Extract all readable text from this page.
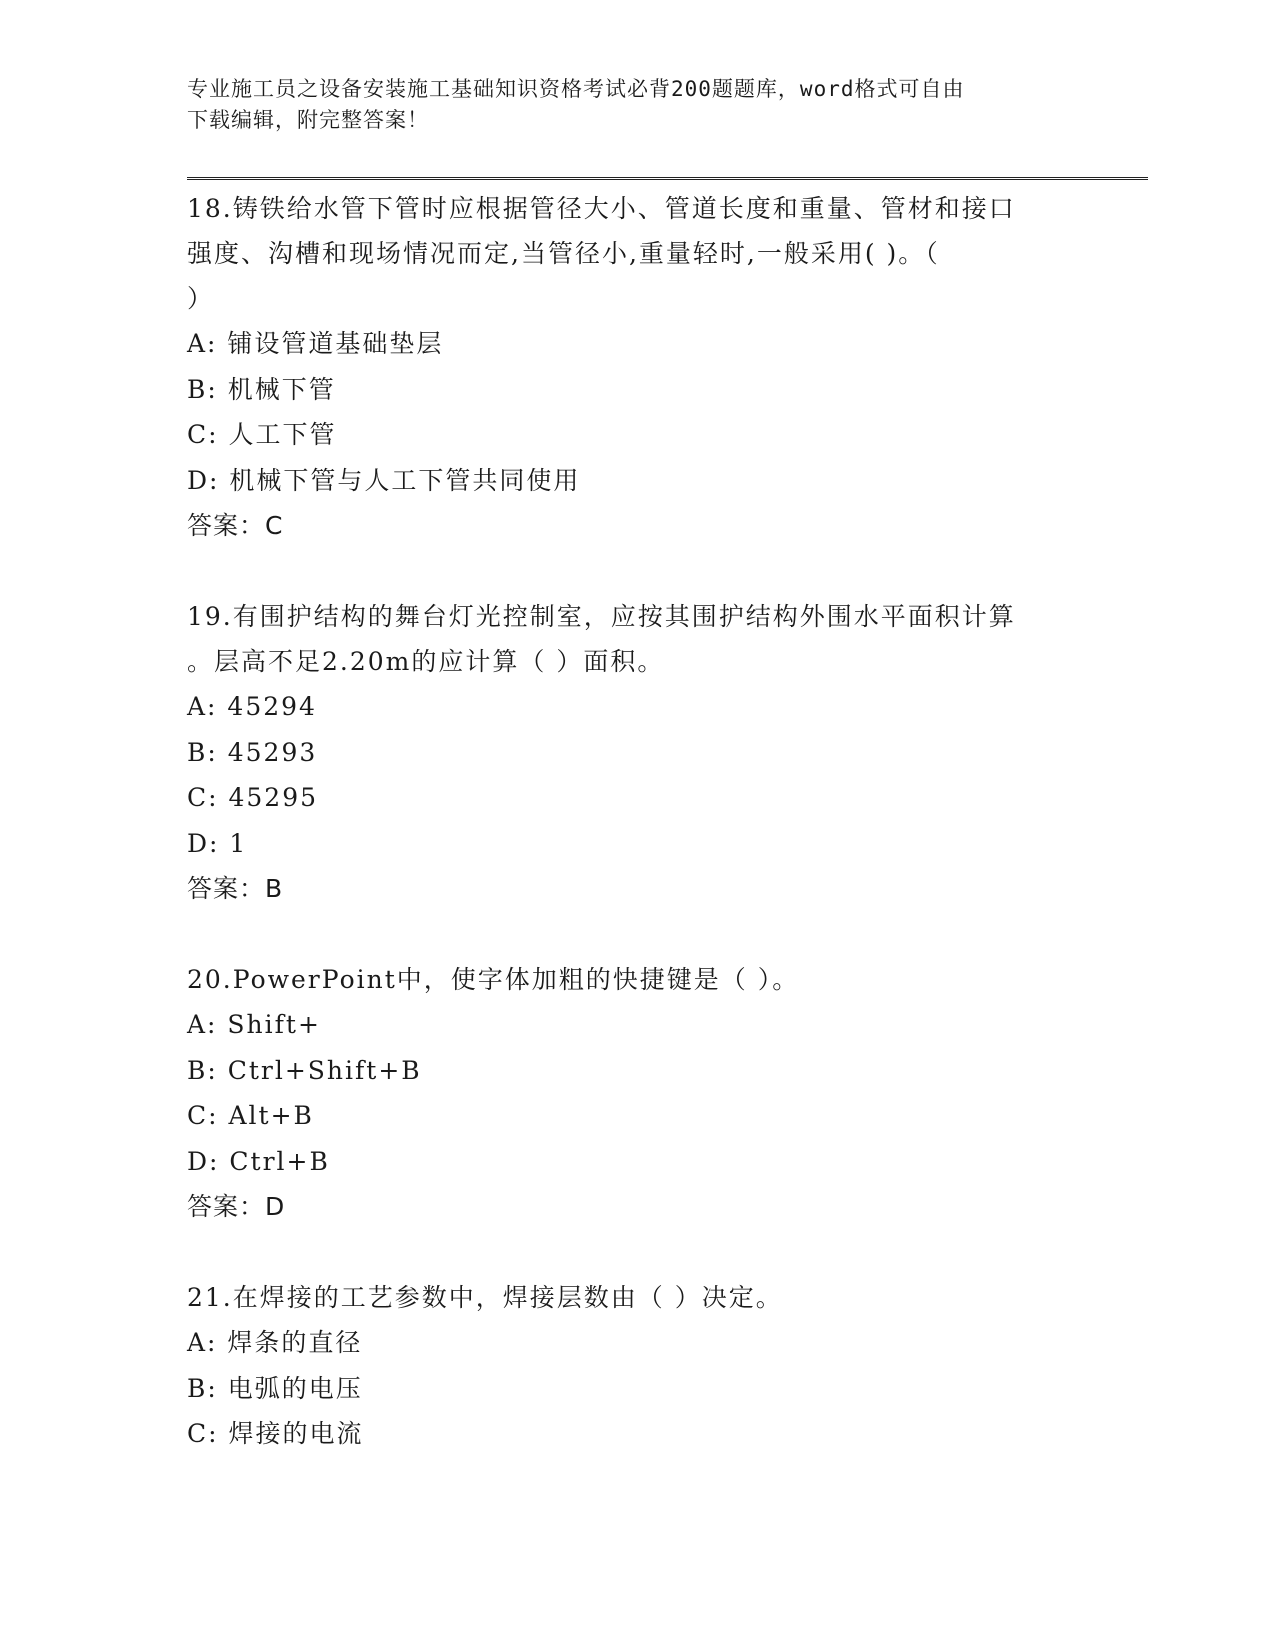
专业施工员之设备安装施工基础知识资格考试必背200题题库，word格式可自由
下载编辑，附完整答案！
18.铸铁给水管下管时应根据管径大小、管道长度和重量、管材和接口
强度、沟槽和现场情况而定,当管径小,重量轻时,一般采用( )。（
）
A: 铺设管道基础垫层
B: 机械下管
C: 人工下管
D: 机械下管与人工下管共同使用
答案：C
19.有围护结构的舞台灯光控制室，应按其围护结构外围水平面积计算
。层高不足2.20m的应计算（ ）面积。
A: 45294
B: 45293
C: 45295
D: 1
答案：B
20.PowerPoint中，使字体加粗的快捷键是（ ）。
A: Shift+
B: Ctrl+Shift+B
C: Alt+B
D: Ctrl+B
答案：D
21.在焊接的工艺参数中，焊接层数由（ ）决定。
A: 焊条的直径
B: 电弧的电压
C: 焊接的电流
